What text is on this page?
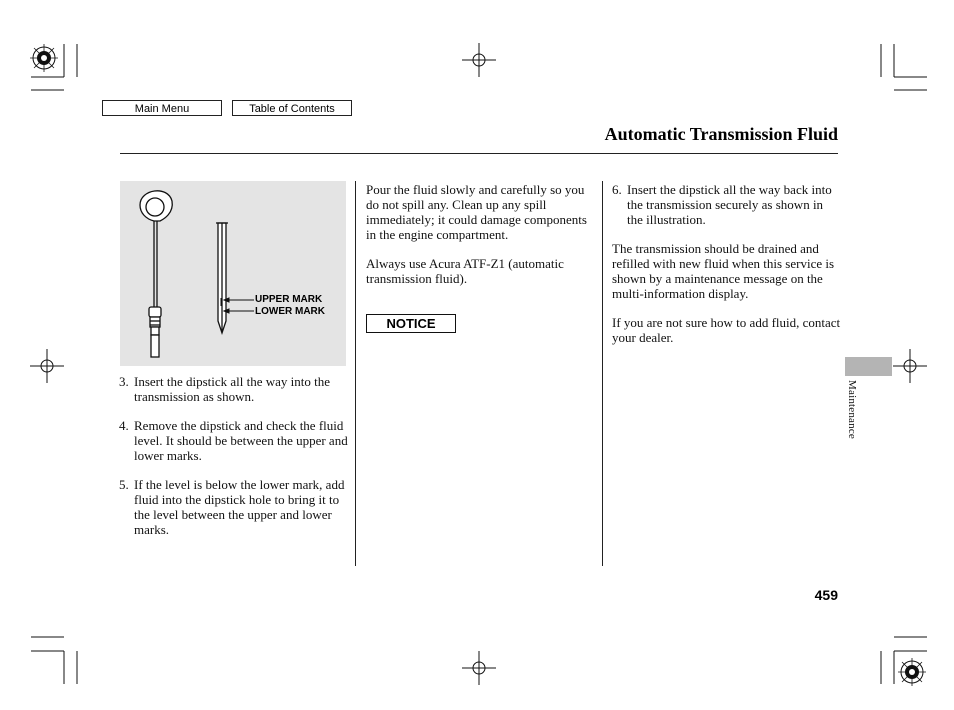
Main Menu	Table of Contents
Automatic Transmission Fluid
UPPER MARK
LOWER MARK
3. Insert the dipstick all the way into the transmission as shown.
4. Remove the dipstick and check the fluid level. It should be between the upper and lower marks.
5. If the level is below the lower mark, add fluid into the dipstick hole to bring it to the level between the upper and lower marks.

Pour the fluid slowly and carefully so you do not spill any. Clean up any spill immediately; it could damage components in the engine compartment.

Always use Acura ATF-Z1 (automatic transmission fluid).

NOTICE
6. Insert the dipstick all the way back into the transmission securely as shown in the illustration.

The transmission should be drained and refilled with new fluid when this service is shown by a maintenance message on the multi-information display.

If you are not sure how to add fluid, contact your dealer.

Maintenance
459
